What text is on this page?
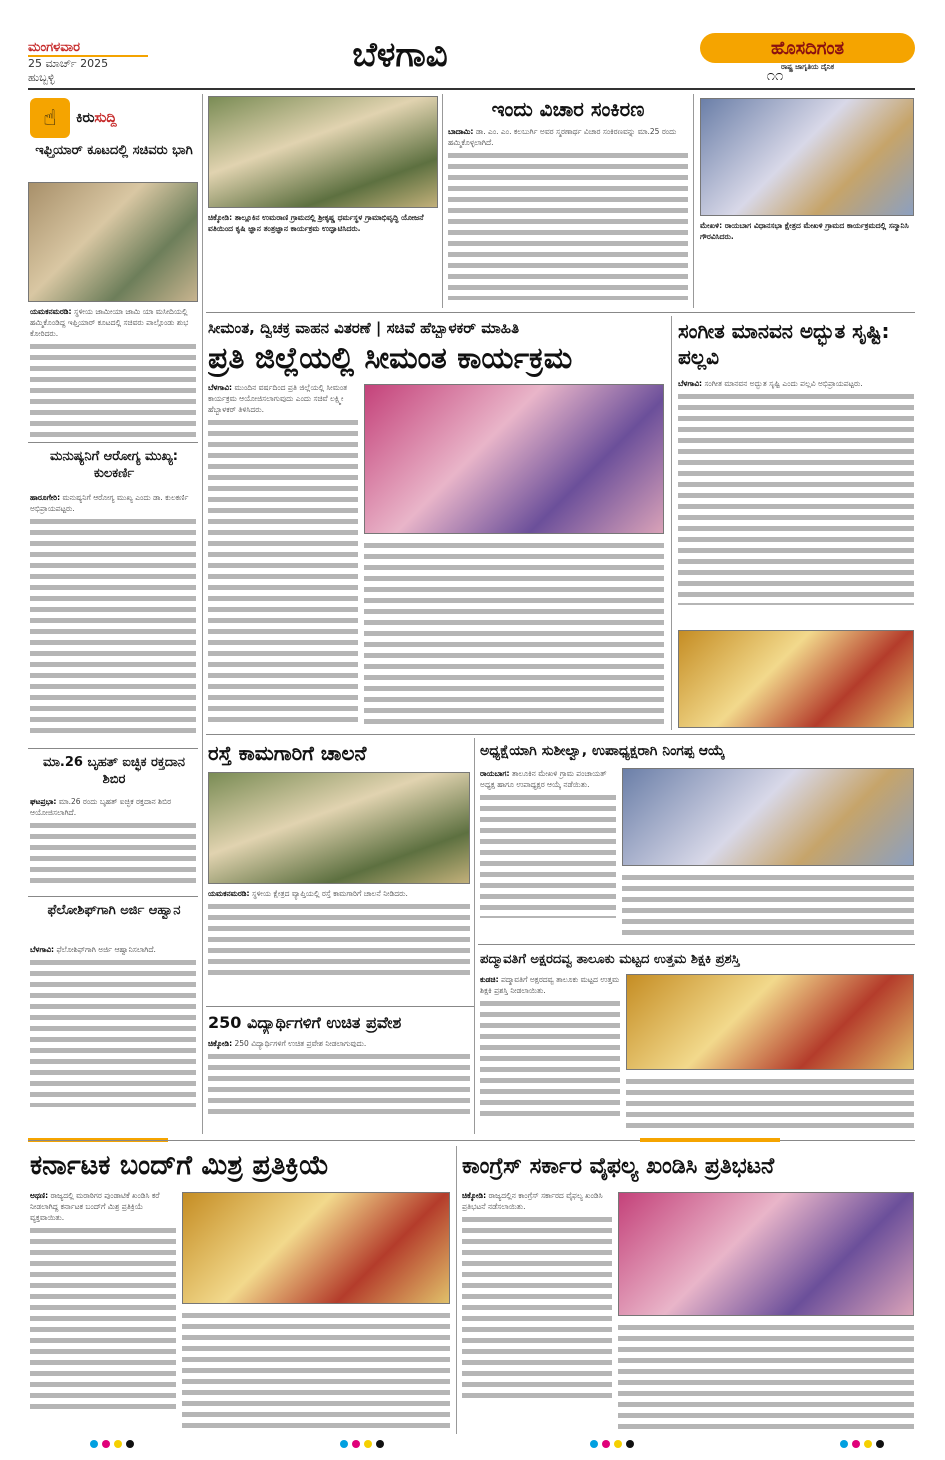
ಮಂಗಳವಾರ
25 ಮಾರ್ಚ್ 2025
ಹುಬ್ಬಳ್ಳಿ
ಬೆಳಗಾವಿ	ಹೊಸದಿಗಂತ
ರಾಷ್ಟ್ರ ಜಾಗೃತಿಯ ದೈನಿಕ
೧೧
☝	ಕಿರುಸುದ್ದಿ
ಇಫ್ತಿಯಾರ್ ಕೂಟದಲ್ಲಿ ಸಚಿವರು ಭಾಗಿ
ಯಮಕನಮರಡಿ: ಸ್ಥಳೀಯ ಜಾಮೀಯಾ ಜಾಮಿ ಯಾ ಮಸೀದಿಯಲ್ಲಿ ಹಮ್ಮಿಕೊಂಡಿದ್ದ ಇಫ್ತಿಯಾರ್ ಕೂಟದಲ್ಲಿ ಸಚಿವರು ಪಾಲ್ಗೊಂಡು ಶುಭ ಕೋರಿದರು.
ಮನುಷ್ಯನಿಗೆ ಆರೋಗ್ಯ ಮುಖ್ಯ: ಕುಲಕರ್ಣಿ
ಹಾರೂಗೇರಿ: ಮನುಷ್ಯನಿಗೆ ಆರೋಗ್ಯ ಮುಖ್ಯ ಎಂದು ಡಾ. ಕುಲಕರ್ಣಿ ಅಭಿಪ್ರಾಯಪಟ್ಟರು.
ಮಾ.26 ಬೃಹತ್ ಐಚ್ಛಿಕ ರಕ್ತದಾನ ಶಿಬಿರ
ಘಟಪ್ರಭಾ: ಮಾ.26 ರಂದು ಬೃಹತ್ ಐಚ್ಛಿಕ ರಕ್ತದಾನ ಶಿಬಿರ ಆಯೋಜಿಸಲಾಗಿದೆ.
ಫೆಲೋಶಿಫ್‌ಗಾಗಿ ಅರ್ಜಿ ಆಹ್ವಾನ
ಬೆಳಗಾವಿ: ಫೆಲೋಶಿಫ್‌ಗಾಗಿ ಅರ್ಜಿ ಆಹ್ವಾನಿಸಲಾಗಿದೆ.
ಚಿಕ್ಕೋಡಿ: ತಾಲ್ಲೂಕಿನ ಉಮರಾಣಿ ಗ್ರಾಮದಲ್ಲಿ ಶ್ರೀಕೃಷ್ಣ ಧರ್ಮಸ್ಥಳ ಗ್ರಾಮಾಭಿವೃದ್ಧಿ ಯೋಜನೆ ವತಿಯಿಂದ ಕೃಷಿ ಜ್ಞಾನ ತಂತ್ರಜ್ಞಾನ ಕಾರ್ಯಕ್ರಮ ಉದ್ಘಾಟಿಸಿದರು.
ಇಂದು ವಿಚಾರ ಸಂಕಿರಣ
ಬಾದಾಮಿ: ಡಾ. ಎಂ. ಎಂ. ಕಲಬುರ್ಗಿ ಅವರ ಸ್ಮರಣಾರ್ಥ ವಿಚಾರ ಸಂಕಿರಣವನ್ನು ಮಾ.25 ರಂದು ಹಮ್ಮಿಕೊಳ್ಳಲಾಗಿದೆ.
ಮೇಖಳಿ: ರಾಯಬಾಗ ವಿಧಾನಸಭಾ ಕ್ಷೇತ್ರದ ಮೇಖಳಿ ಗ್ರಾಮದ ಕಾರ್ಯಕ್ರಮದಲ್ಲಿ ಸನ್ಮಾನಿಸಿ ಗೌರವಿಸಿದರು.
ಸೀಮಂತ, ದ್ವಿಚಕ್ರ ವಾಹನ ವಿತರಣೆ | ಸಚಿವೆ ಹೆಬ್ಬಾಳಕರ್ ಮಾಹಿತಿ
ಪ್ರತಿ ಜಿಲ್ಲೆಯಲ್ಲಿ ಸೀಮಂತ ಕಾರ್ಯಕ್ರಮ
ಬೆಳಗಾವಿ: ಮುಂದಿನ ವರ್ಷದಿಂದ ಪ್ರತಿ ಜಿಲ್ಲೆಯಲ್ಲಿ ಸೀಮಂತ ಕಾರ್ಯಕ್ರಮ ಆಯೋಜಿಸಲಾಗುವುದು ಎಂದು ಸಚಿವೆ ಲಕ್ಷ್ಮೀ ಹೆಬ್ಬಾಳಕರ್ ತಿಳಿಸಿದರು.
ಸಂಗೀತ ಮಾನವನ ಅದ್ಭುತ ಸೃಷ್ಟಿ: ಪಲ್ಲವಿ
ಬೆಳಗಾವಿ: ಸಂಗೀತ ಮಾನವನ ಅದ್ಭುತ ಸೃಷ್ಟಿ ಎಂದು ಪಲ್ಲವಿ ಅಭಿಪ್ರಾಯಪಟ್ಟರು.
ರಸ್ತೆ ಕಾಮಗಾರಿಗೆ ಚಾಲನೆ
ಯಮಕನಮರಡಿ: ಸ್ಥಳೀಯ ಕ್ಷೇತ್ರದ ವ್ಯಾಪ್ತಿಯಲ್ಲಿ ರಸ್ತೆ ಕಾಮಗಾರಿಗೆ ಚಾಲನೆ ನೀಡಿದರು.
ಅಧ್ಯಕ್ಷೆಯಾಗಿ ಸುಶೀಲ್ವಾ, ಉಪಾಧ್ಯಕ್ಷರಾಗಿ ನಿಂಗಪ್ಪ ಆಯ್ಕೆ
ರಾಯಬಾಗ: ತಾಲೂಕಿನ ಮೇಖಳಿ ಗ್ರಾಮ ಪಂಚಾಯತ್ ಅಧ್ಯಕ್ಷ ಹಾಗೂ ಉಪಾಧ್ಯಕ್ಷರ ಆಯ್ಕೆ ನಡೆಯಿತು.
250 ವಿದ್ಯಾರ್ಥಿಗಳಿಗೆ ಉಚಿತ ಪ್ರವೇಶ
ಚಿಕ್ಕೋಡಿ: 250 ವಿದ್ಯಾರ್ಥಿಗಳಿಗೆ ಉಚಿತ ಪ್ರವೇಶ ನೀಡಲಾಗುವುದು.
ಪದ್ಮಾವತಿಗೆ ಅಕ್ಷರದವ್ವ ತಾಲೂಕು ಮಟ್ಟದ ಉತ್ತಮ ಶಿಕ್ಷಕಿ ಪ್ರಶಸ್ತಿ
ಕುಡಚಿ: ಪದ್ಮಾವತಿಗೆ ಅಕ್ಷರದವ್ವ ತಾಲೂಕು ಮಟ್ಟದ ಉತ್ತಮ ಶಿಕ್ಷಕಿ ಪ್ರಶಸ್ತಿ ನೀಡಲಾಯಿತು.
ಕರ್ನಾಟಕ ಬಂದ್‌ಗೆ ಮಿಶ್ರ ಪ್ರತಿಕ್ರಿಯೆ
ಅಥಣಿ: ರಾಜ್ಯದಲ್ಲಿ ಮರಾಠಿಗರ ಪುಂಡಾಟಿಕೆ ಖಂಡಿಸಿ ಕರೆ ನೀಡಲಾಗಿದ್ದ ಕರ್ನಾಟಕ ಬಂದ್‌ಗೆ ಮಿಶ್ರ ಪ್ರತಿಕ್ರಿಯೆ ವ್ಯಕ್ತವಾಯಿತು.
ಕಾಂಗ್ರೆಸ್ ಸರ್ಕಾರ ವೈಫಲ್ಯ ಖಂಡಿಸಿ ಪ್ರತಿಭಟನೆ
ಚಿಕ್ಕೋಡಿ: ರಾಜ್ಯದಲ್ಲಿನ ಕಾಂಗ್ರೆಸ್ ಸರ್ಕಾರದ ವೈಫಲ್ಯ ಖಂಡಿಸಿ ಪ್ರತಿಭಟನೆ ನಡೆಸಲಾಯಿತು.
